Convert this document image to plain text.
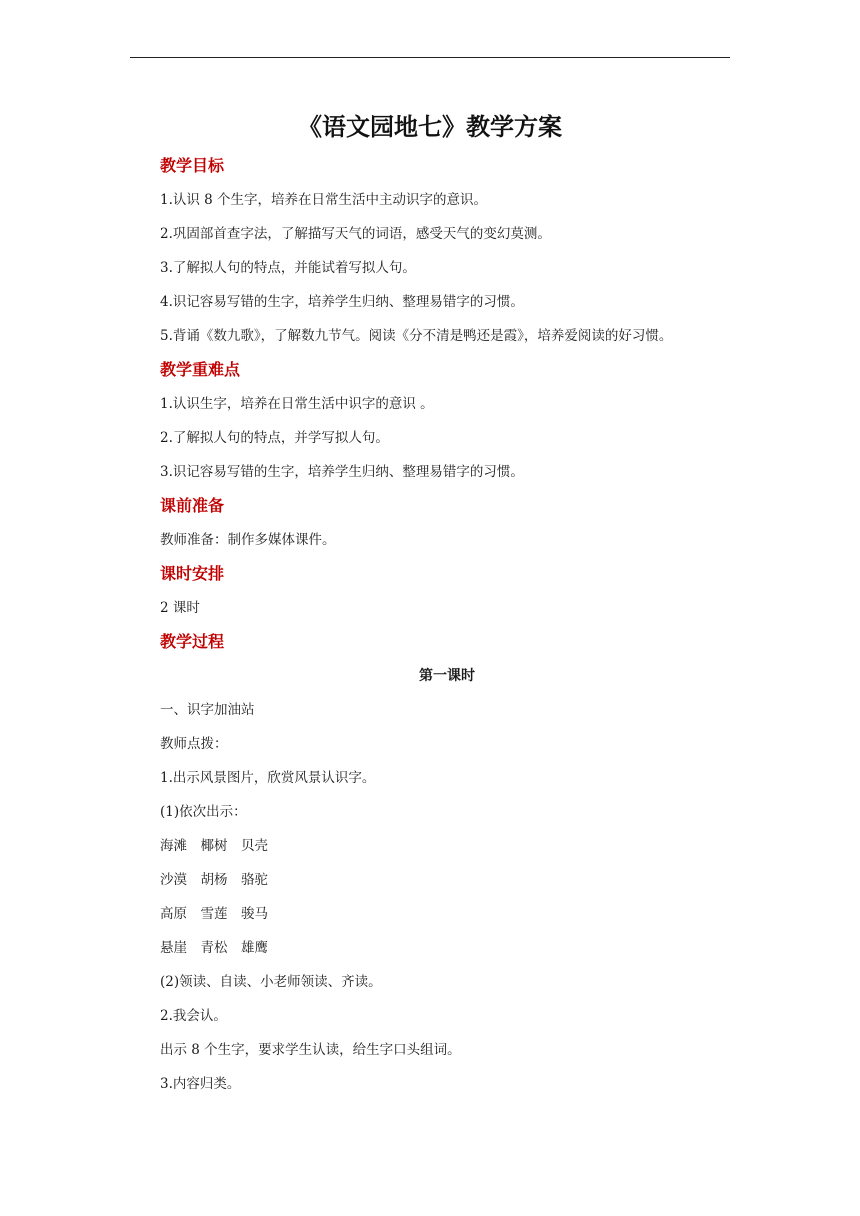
《语文园地七》教学方案
教学目标

1.认识 8 个生字，培养在日常生活中主动识字的意识。

2.巩固部首查字法，了解描写天气的词语，感受天气的变幻莫测。

3.了解拟人句的特点，并能试着写拟人句。

4.识记容易写错的生字，培养学生归纳、整理易错字的习惯。

5.背诵《数九歌》，了解数九节气。阅读《分不清是鸭还是霞》，培养爱阅读的好习惯。

教学重难点

1.认识生字，培养在日常生活中识字的意识 。

2.了解拟人句的特点，并学写拟人句。

3.识记容易写错的生字，培养学生归纳、整理易错字的习惯。

课前准备

教师准备：制作多媒体课件。

课时安排

2 课时

教学过程
第一课时

一、识字加油站

教师点拨：

1.出示风景图片，欣赏风景认识字。

(1)依次出示：

海滩　椰树　贝壳

沙漠　胡杨　骆驼

高原　雪莲　骏马

悬崖　青松　雄鹰

(2)领读、自读、小老师领读、齐读。

2.我会认。

出示 8 个生字，要求学生认读，给生字口头组词。

3.内容归类。
